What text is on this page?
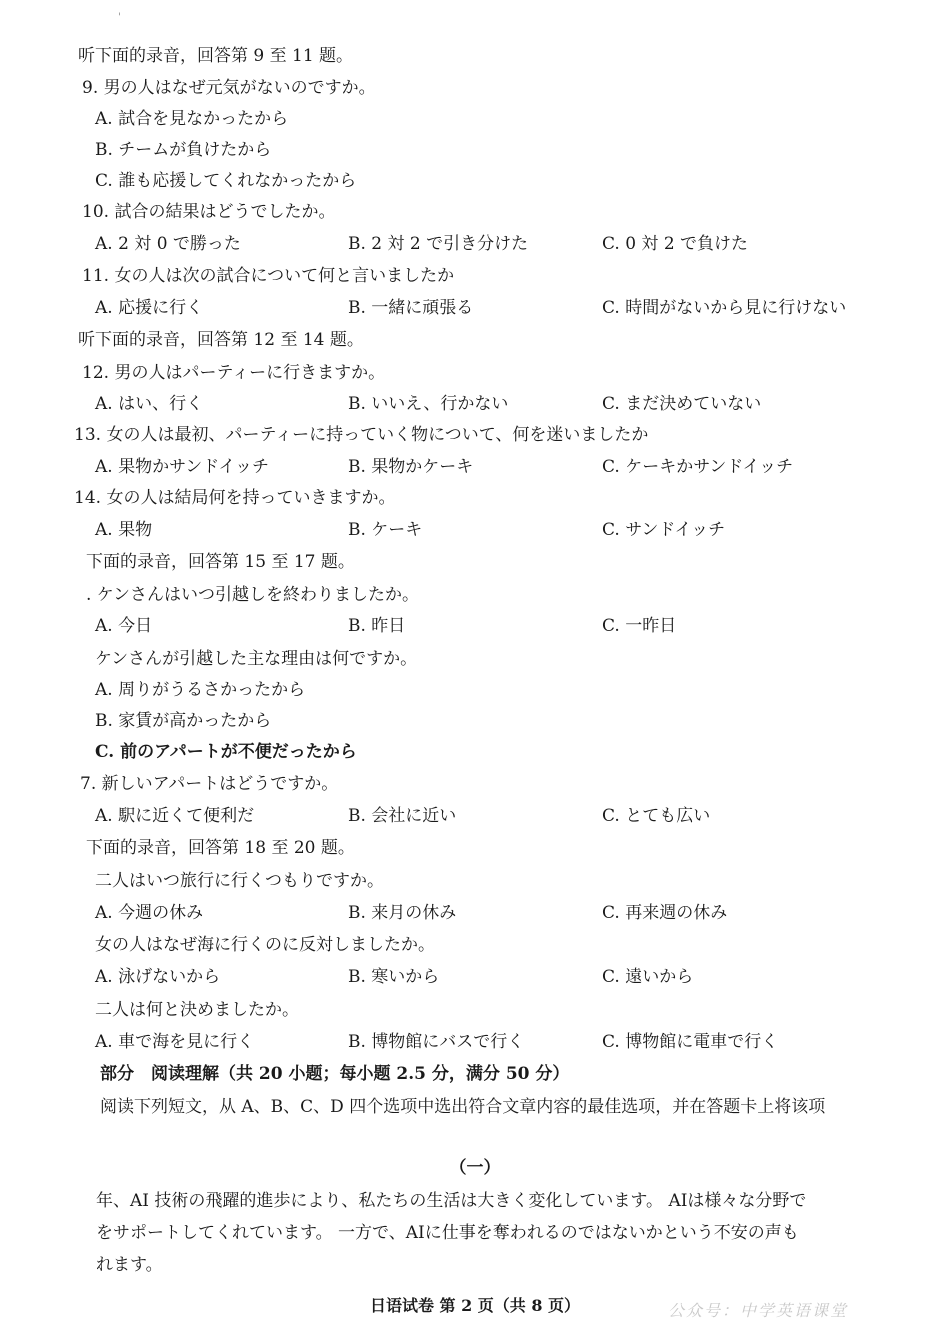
'
听下面的录音，回答第 9 至 11 题。
9. 男の人はなぜ元気がないのですか。
A. 試合を見なかったから
B. チームが負けたから
C. 誰も応援してくれなかったから
10. 試合の結果はどうでしたか。
A. 2 対 0 で勝った	B. 2 対 2 で引き分けた	C. 0 対 2 で負けた
11. 女の人は次の試合について何と言いましたか
A. 応援に行く	B. 一緒に頑張る	C. 時間がないから見に行けない
听下面的录音，回答第 12 至 14 题。
12. 男の人はパーティーに行きますか。
A. はい、行く	B. いいえ、行かない	C. まだ決めていない
13. 女の人は最初、パーティーに持っていく物について、何を迷いましたか
A. 果物かサンドイッチ	B. 果物かケーキ	C. ケーキかサンドイッチ
14. 女の人は結局何を持っていきますか。
A. 果物	B. ケーキ	C. サンドイッチ
下面的录音，回答第 15 至 17 题。
. ケンさんはいつ引越しを終わりましたか。
A. 今日	B. 昨日	C. 一昨日
ケンさんが引越した主な理由は何ですか。
A. 周りがうるさかったから
B. 家賃が高かったから
C. 前のアパートが不便だったから
7. 新しいアパートはどうですか。
A. 駅に近くて便利だ	B. 会社に近い	C. とても広い
下面的录音，回答第 18 至 20 题。
二人はいつ旅行に行くつもりですか。
A. 今週の休み	B. 来月の休み	C. 再来週の休み
女の人はなぜ海に行くのに反対しましたか。
A. 泳げないから	B. 寒いから	C. 遠いから
二人は何と決めましたか。
A. 車で海を見に行く	B. 博物館にバスで行く	C. 博物館に電車で行く
部分　阅读理解（共 20 小题；每小题 2.5 分，满分 50 分）
阅读下列短文，从 A、B、C、D 四个选项中选出符合文章内容的最佳选项，并在答题卡上将该项
（一）
年、AI 技術の飛躍的進歩により、私たちの生活は大きく変化しています。 AIは様々な分野で
をサポートしてくれています。 一方で、AIに仕事を奪われるのではないかという不安の声も
れます。
日语试卷 第 2 页（共 8 页）	公众号：中学英语课堂
